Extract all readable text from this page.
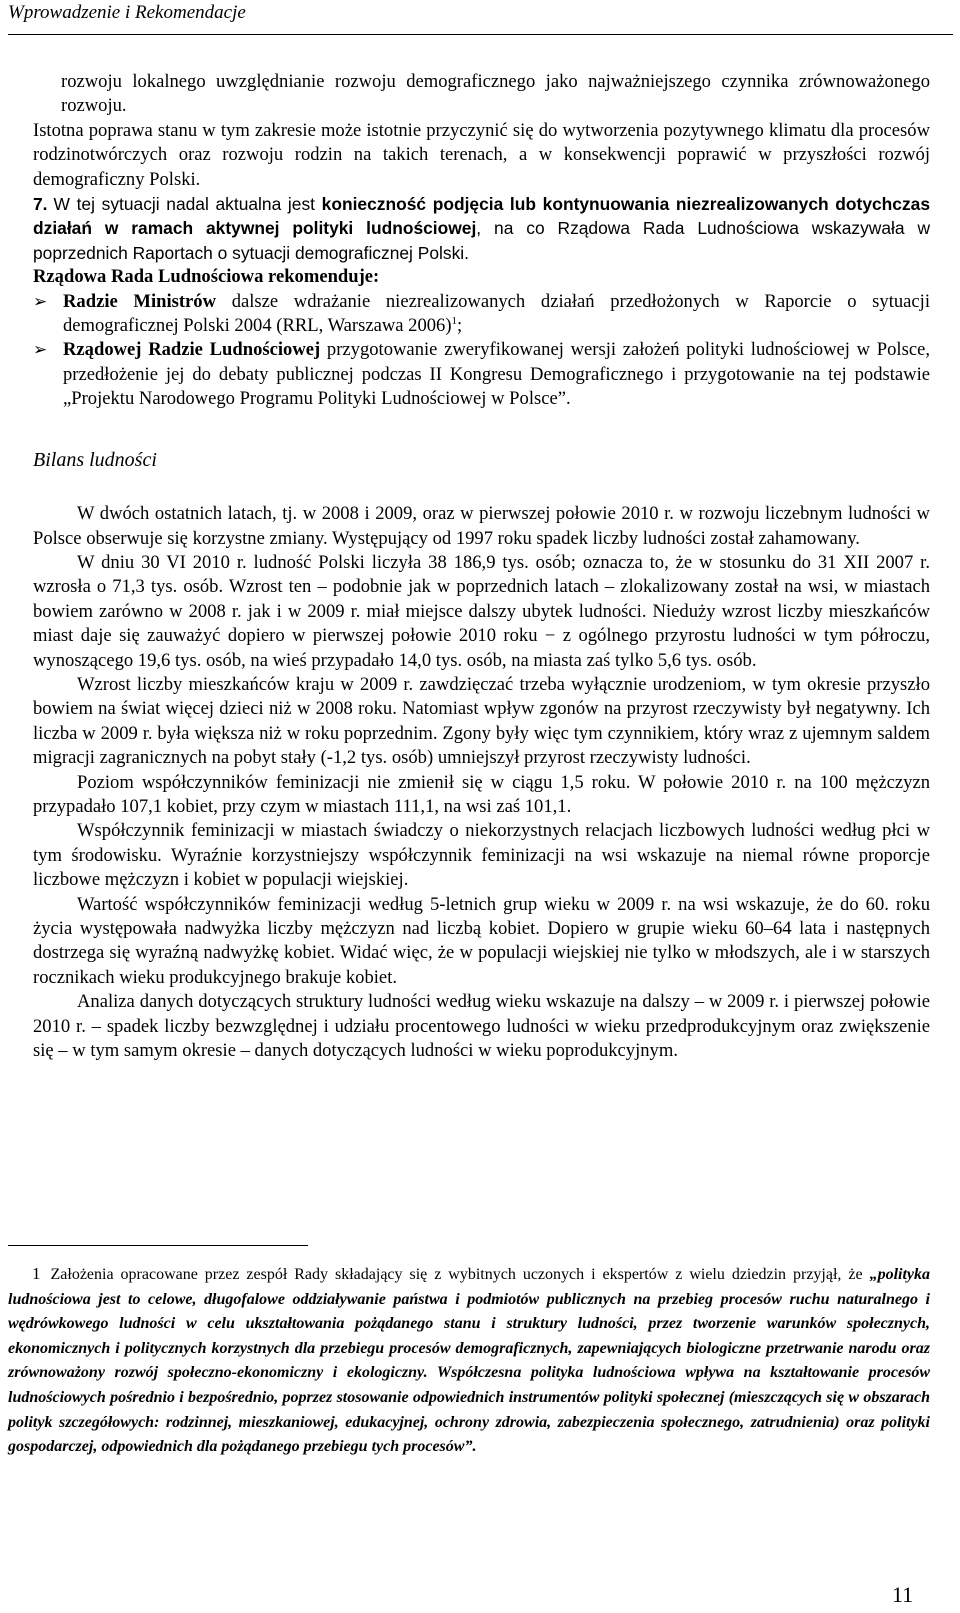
Wprowadzenie i Rekomendacje

rozwoju lokalnego uwzględnianie rozwoju demograficznego jako najważniejszego czynnika zrównoważonego rozwoju.

Istotna poprawa stanu w tym zakresie może istotnie przyczynić się do wytworzenia pozytywnego klimatu dla procesów rodzinotwórczych oraz rozwoju rodzin na takich terenach, a w konsekwencji poprawić w przyszłości rozwój demograficzny Polski.

7. W tej sytuacji nadal aktualna jest konieczność podjęcia lub kontynuowania niezrealizowanych dotychczas działań w ramach aktywnej polityki ludnościowej, na co Rządowa Rada Ludnościowa wskazywała w poprzednich Raportach o sytuacji demograficznej Polski.

Rządowa Rada Ludnościowa rekomenduje:

➢ Radzie Ministrów dalsze wdrażanie niezrealizowanych działań przedłożonych w Raporcie o sytuacji demograficznej Polski 2004 (RRL, Warszawa 2006)$^1$;

➢ Rządowej Radzie Ludnościowej przygotowanie zweryfikowanej wersji założeń polityki ludnościowej w Polsce, przedłożenie jej do debaty publicznej podczas II Kongresu Demograficznego i przygotowanie na tej podstawie „Projektu Narodowego Programu Polityki Ludnościowej w Polsce”.

Bilans ludności

W dwóch ostatnich latach, tj. w 2008 i 2009, oraz w pierwszej połowie 2010 r. w rozwoju liczebnym ludności w Polsce obserwuje się korzystne zmiany. Występujący od 1997 roku spadek liczby ludności został zahamowany.

W dniu 30 VI 2010 r. ludność Polski liczyła 38 186,9 tys. osób; oznacza to, że w stosunku do 31 XII 2007 r. wzrosła o 71,3 tys. osób. Wzrost ten – podobnie jak w poprzednich latach – zlokalizowany został na wsi, w miastach bowiem zarówno w 2008 r. jak i w 2009 r. miał miejsce dalszy ubytek ludności. Niedużу wzrost liczby mieszkańców miast daje się zauważyć dopiero w pierwszej połowie 2010 roku − z ogólnego przyrostu ludności w tym półroczu, wynoszącego 19,6 tys. osób, na wieś przypadało 14,0 tys. osób, na miasta zaś tylko 5,6 tys. osób.

Wzrost liczby mieszkańców kraju w 2009 r. zawdzięczać trzeba wyłącznie urodzeniom, w tym okresie przyszło bowiem na świat więcej dzieci niż w 2008 roku. Natomiast wpływ zgonów na przyrost rzeczywisty był negatywny. Ich liczba w 2009 r. była większa niż w roku poprzednim. Zgony były więc tym czynnikiem, który wraz z ujemnym saldem migracji zagranicznych na pobyt stały (-1,2 tys. osób) umniejszył przyrost rzeczywisty ludności.

Poziom współczynników feminizacji nie zmienił się w ciągu 1,5 roku. W połowie 2010 r. na 100 mężczyzn przypadało 107,1 kobiet, przy czym w miastach 111,1, na wsi zaś 101,1.

Współczynnik feminizacji w miastach świadczy o niekorzystnych relacjach liczbowych ludności według płci w tym środowisku. Wyraźnie korzystniejszy współczynnik feminizacji na wsi wskazuje na niemal równe proporcje liczbowe mężczyzn i kobiet w populacji wiejskiej.

Wartość współczynników feminizacji według 5-letnich grup wieku w 2009 r. na wsi wskazuje, że do 60. roku życia występowała nadwyżka liczby mężczyzn nad liczbą kobiet. Dopiero w grupie wieku 60–64 lata i następnych dostrzega się wyraźną nadwyżkę kobiet. Widać więc, że w populacji wiejskiej nie tylko w młodszych, ale i w starszych rocznikach wieku produkcyjnego brakuje kobiet.

Analiza danych dotyczących struktury ludności według wieku wskazuje na dalszy – w 2009 r. i pierwszej połowie 2010 r. – spadek liczby bezwzględnej i udziału procentowego ludności w wieku przedprodukcyjnym oraz zwiększenie się – w tym samym okresie – danych dotyczących ludności w wieku poprodukcyjnym.

1 Założenia opracowane przez zespół Rady składający się z wybitnych uczonych i ekspertów z wielu dziedzin przyjął, że „polityka ludnościowa jest to celowe, długofalowe oddziaływanie państwa i podmiotów publicznych na przebieg procesów ruchu naturalnego i wędrówkowego ludności w celu ukształtowania pożądanego stanu i struktury ludności, przez tworzenie warunków społecznych, ekonomicznych i politycznych korzystnych dla przebiegu procesów demograficznych, zapewniających biologiczne przetrwanie narodu oraz zrównoważony rozwój społeczno-ekonomiczny i ekologiczny. Współczesna polityka ludnościowa wpływa na kształtowanie procesów ludnościowych pośrednio i bezpośrednio, poprzez stosowanie odpowiednich instrumentów polityki społecznej (mieszczących się w obszarach polityk szczegółowych: rodzinnej, mieszkaniowej, edukacyjnej, ochrony zdrowia, zabezpieczenia społecznego, zatrudnienia) oraz polityki gospodarczej, odpowiednich dla pożądanego przebiegu tych procesów”.
11
